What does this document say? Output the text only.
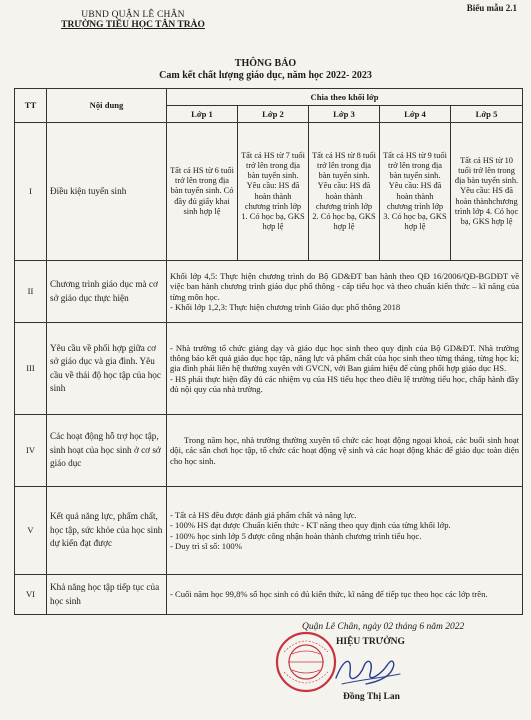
Biểu mẫu 2.1
UBND QUẬN LÊ CHÂN
TRƯỜNG TIỂU HỌC TÂN TRÀO
THÔNG BÁO
Cam kết chất lượng giáo dục, năm học 2022- 2023
TT	Nội dung	Chia theo khối lớp				
		Lớp 1	Lớp 2	Lớp 3	Lớp 4	Lớp 5
I	Điều kiện tuyển sinh	Tất cả HS từ 6 tuổi trở lên trong địa bàn tuyển sinh. Có đầy đủ giấy khai sinh hợp lệ	Tất cả HS từ 7 tuổi trở lên trong địa bàn tuyển sinh. Yêu cầu: HS đã hoàn thành chương trình lớp 1. Có học bạ, GKS hợp lệ	Tất cả HS từ 8 tuổi trở lên trong địa bàn tuyển sinh. Yêu cầu: HS đã hoàn thành chương trình lớp 2. Có học bạ, GKS hợp lệ	Tất cả HS từ 9 tuổi trở lên trong địa bàn tuyển sinh. Yêu cầu: HS đã hoàn thành chương trình lớp 3. Có học bạ, GKS hợp lệ	Tất cả HS từ 10 tuổi trở lên trong địa bàn tuyển sinh. Yêu cầu: HS đã hoàn thànhchương trình lớp 4. Có học bạ, GKS hợp lệ
II	Chương trình giáo dục mà cơ sở giáo dục thực hiện	Khối lớp 4,5: Thực hiện chương trình do Bộ GD&ĐT ban hành theo QĐ 16/2006/QĐ-BGDĐT về việc ban hành chương trình giáo dục phổ thông - cấp tiểu học và theo chuẩn kiến thức – kĩ năng của từng môn học.

- Khối lớp 1,2,3: Thực hiện chương trình Giáo dục phổ thông 2018				

III	Yêu cầu về phối hợp giữa cơ sở giáo dục và gia đình. Yêu cầu về thái độ học tập của học sinh	- Nhà trường tổ chức giảng dạy và giáo dục học sinh theo quy định của Bộ GD&ĐT. Nhà trường thông báo kết quả giáo dục học tập, năng lực và phẩm chất của học sinh theo từng tháng, từng học kì; gia đình phải liên hệ thường xuyên với GVCN, với Ban giám hiệu để cùng phối hợp giáo dục HS.

- HS phải thực hiện đầy đủ các nhiệm vụ của HS tiểu học theo điều lệ trường tiểu học, chấp hành đầy đủ nội quy của nhà trường.				

IV	Các hoạt động hỗ trợ học tập, sinh hoạt của học sinh ở cơ sở giáo dục	Trong năm học, nhà trường thường xuyên tổ chức các hoạt động ngoại khoá, các buổi sinh hoạt dội, các sân chơi học tập, tổ chức các hoạt động vệ sinh và các hoạt động khác để giáo dục toàn diện cho học sinh.				

V	Kết quả năng lực, phẩm chất, học tập, sức khỏe của học sinh dự kiến đạt được	- Tất cả HS đều được đánh giá phẩm chất và năng lực.

- 100% HS đạt được Chuẩn kiến thức - KT năng theo quy định của từng khối lớp.

- 100% học sinh lớp 5 được công nhận hoàn thành chương trình tiểu học.

- Duy trì sĩ số: 100%				

VI	Khả năng học tập tiếp tục của học sinh	- Cuối năm học 99,8% số học sinh có đủ kiến thức, kĩ năng để tiếp tục theo học các lớp trên.				

Quận Lê Chân, ngày 02 tháng 6 năm 2022
HIỆU TRƯỞNG
Đồng Thị Lan
